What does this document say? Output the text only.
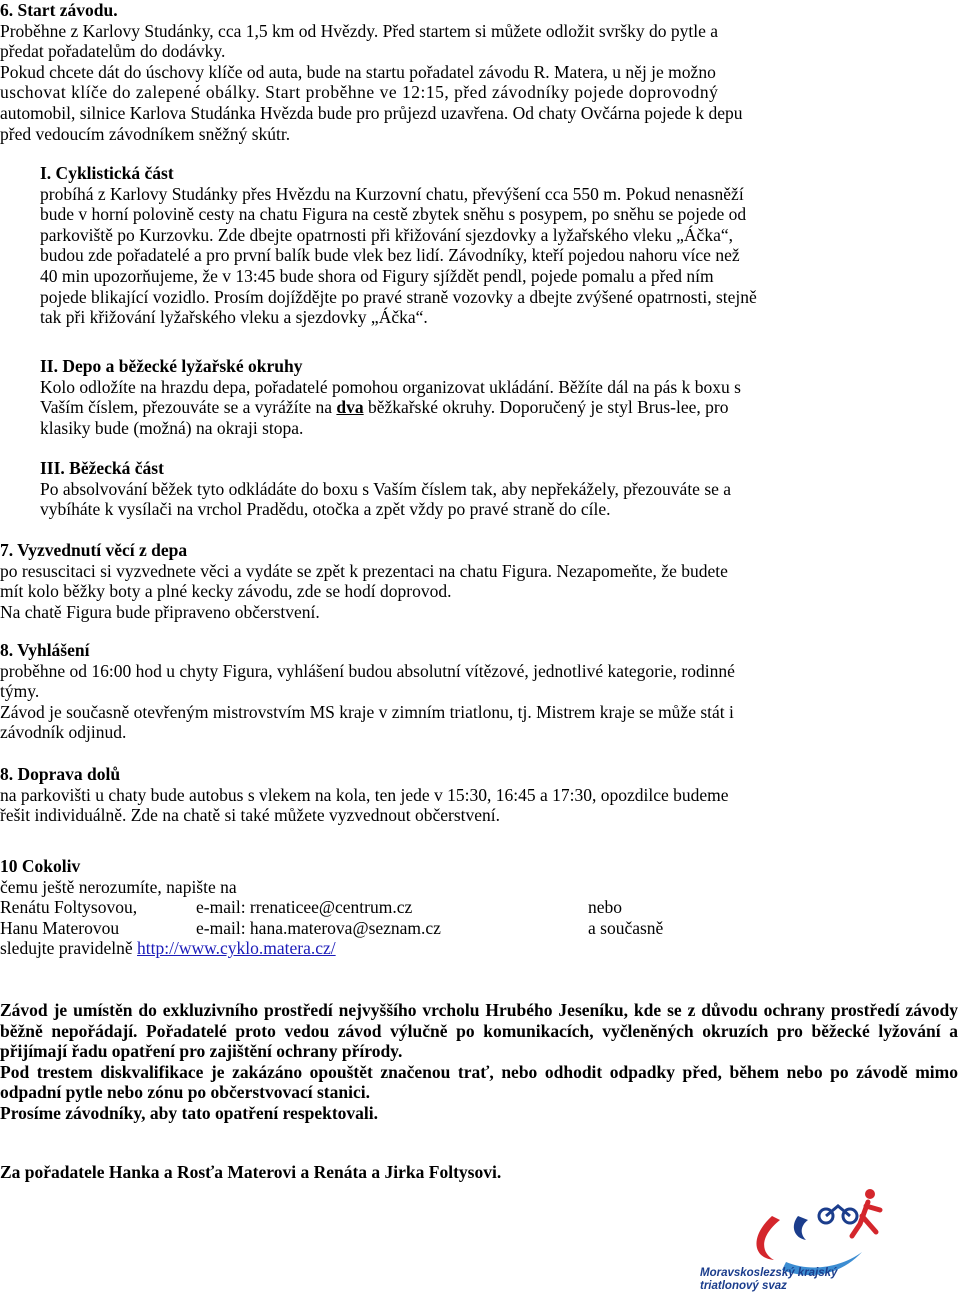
6. Start závodu.

Proběhne z Karlovy Studánky, cca 1,5 km od Hvězdy. Před startem si můžete odložit svršky do pytle a

předat pořadatelům do dodávky.

Pokud chcete dát do úschovy klíče od auta, bude na startu pořadatel závodu R. Matera, u něj je možno

uschovat klíče do zalepené obálky. Start proběhne ve 12:15, před závodníky pojede doprovodný

automobil, silnice Karlova Studánka Hvězda bude pro průjezd uzavřena. Od chaty Ovčárna pojede k depu

před vedoucím závodníkem sněžný skútr.

I. Cyklistická část

probíhá z Karlovy Studánky přes Hvězdu na Kurzovní chatu, převýšení cca 550 m. Pokud nenasněží

bude v horní polovině cesty na chatu Figura na cestě zbytek sněhu s posypem, po sněhu se pojede od

parkoviště po Kurzovku. Zde dbejte opatrnosti při křižování sjezdovky a lyžařského vleku „Áčka“,

budou zde pořadatelé a pro první balík bude vlek bez lidí. Závodníky, kteří pojedou nahoru více než

40 min upozorňujeme, že v 13:45 bude shora od Figury sjíždět pendl, pojede pomalu a před ním

pojede blikající vozidlo. Prosím dojíždějte po pravé straně vozovky a dbejte zvýšené opatrnosti, stejně

tak při křižování lyžařského vleku a sjezdovky „Áčka“.

II. Depo a běžecké lyžařské okruhy

Kolo odložíte na hrazdu depa, pořadatelé pomohou organizovat ukládání. Běžíte dál na pás k boxu s

Vaším číslem, přezouváte se a vyrážíte na dva běžkařské okruhy. Doporučený je styl Brus-lee, pro

klasiky bude (možná) na okraji stopa.

III. Běžecká část

Po absolvování běžek tyto odkládáte do boxu s Vaším číslem tak, aby nepřekážely, přezouváte se a

vybíháte k vysílači na vrchol Pradědu, otočka a zpět vždy po pravé straně do cíle.

7. Vyzvednutí věcí z depa

po resuscitaci si vyzvednete věci a vydáte se zpět k prezentaci na chatu Figura. Nezapomeňte, že budete

mít kolo běžky boty a plné kecky závodu, zde se hodí doprovod.

Na chatě Figura bude připraveno občerstvení.

8. Vyhlášení

proběhne od 16:00 hod u chyty Figura, vyhlášení budou absolutní vítězové, jednotlivé kategorie, rodinné

týmy.

Závod je současně otevřeným mistrovstvím MS kraje v zimním triatlonu, tj. Mistrem kraje se může stát i

závodník odjinud.

8. Doprava dolů

na parkovišti u chaty bude autobus s vlekem na kola, ten jede v 15:30, 16:45 a 17:30, opozdilce budeme

řešit individuálně. Zde na chatě si také můžete vyzvednout občerstvení.

10 Cokoliv

čemu ještě nerozumíte, napište na

Renátu Foltysovou,	e-mail: rrenaticee@centrum.cz	nebo
Hanu Materovou	e-mail: hana.materova@seznam.cz	a současně

sledujte pravidelně http://www.cyklo.matera.cz/

Závod je umístěn do exkluzivního prostředí nejvyššího vrcholu Hrubého Jeseníku, kde se z důvodu ochrany prostředí závody běžně nepořádají. Pořadatelé proto vedou závod výlučně po komunikacích, vyčleněných okruzích pro běžecké lyžování a přijímají řadu opatření pro zajištění ochrany přírody.

Pod trestem diskvalifikace je zakázáno opouštět značenou trať, nebo odhodit odpadky před, během nebo po závodě mimo odpadní pytle nebo zónu po občerstvovací stanici.

Prosíme závodníky, aby tato opatření respektovali.

Za pořadatele Hanka a Rosťa Materovi a Renáta a Jirka Foltysovi.

Moravskoslezský krajský
triatlonový svaz
